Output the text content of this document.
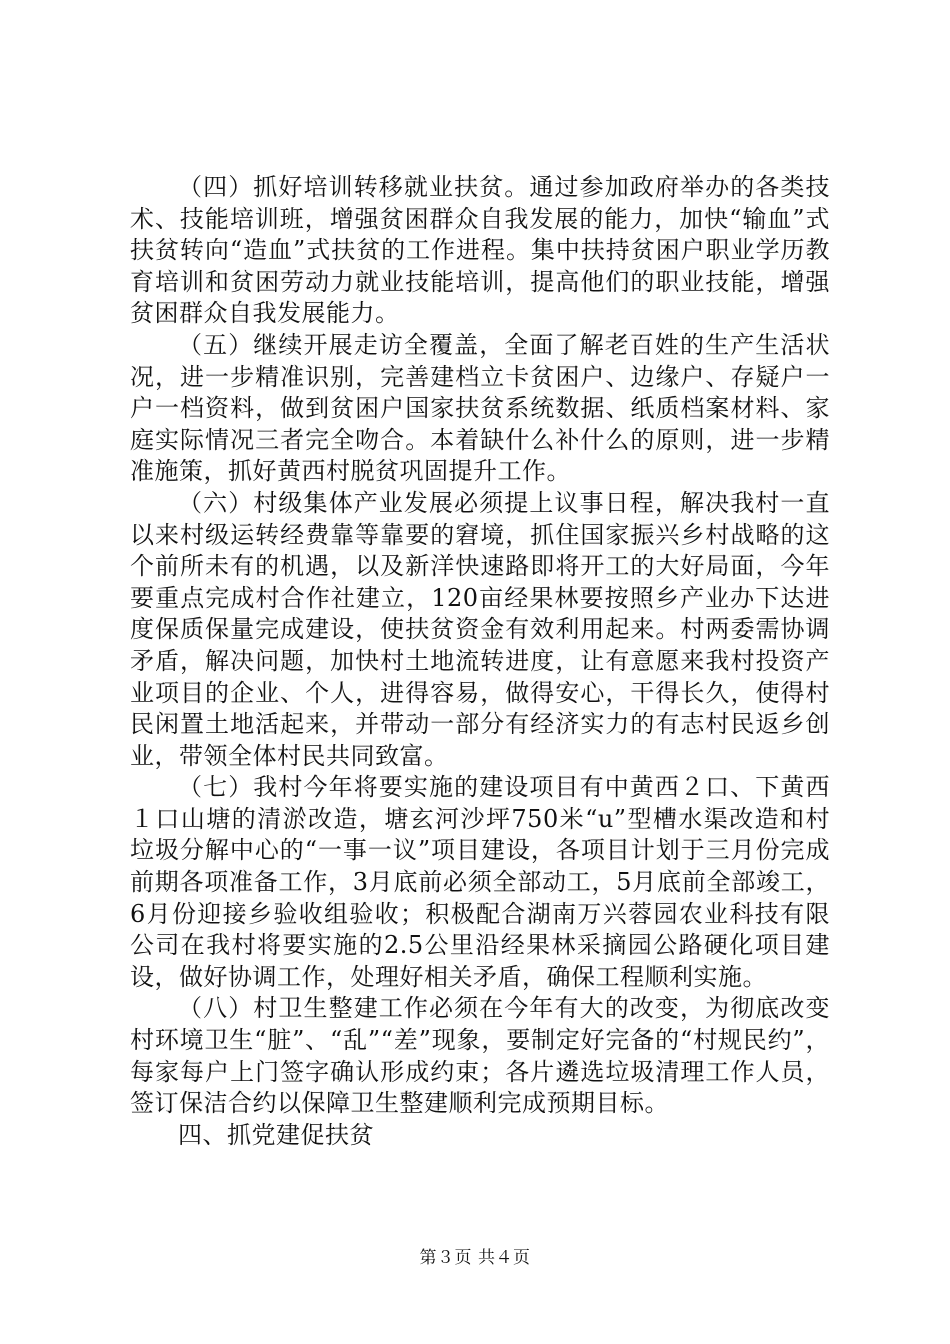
（四）抓好培训转移就业扶贫。通过参加政府举办的各类技术、技能培训班，增强贫困群众自我发展的能力，加快“输血”式扶贫转向“造血”式扶贫的工作进程。集中扶持贫困户职业学历教育培训和贫困劳动力就业技能培训，提高他们的职业技能，增强贫困群众自我发展能力。

（五）继续开展走访全覆盖，全面了解老百姓的生产生活状况，进一步精准识别，完善建档立卡贫困户、边缘户、存疑户一户一档资料，做到贫困户国家扶贫系统数据、纸质档案材料、家庭实际情况三者完全吻合。本着缺什么补什么的原则，进一步精准施策，抓好黄西村脱贫巩固提升工作。

（六）村级集体产业发展必须提上议事日程，解决我村一直以来村级运转经费靠等靠要的窘境，抓住国家振兴乡村战略的这个前所未有的机遇，以及新洋快速路即将开工的大好局面，今年要重点完成村合作社建立，120亩经果林要按照乡产业办下达进度保质保量完成建设，使扶贫资金有效利用起来。村两委需协调矛盾，解决问题，加快村土地流转进度，让有意愿来我村投资产业项目的企业、个人，进得容易，做得安心，干得长久，使得村民闲置土地活起来，并带动一部分有经济实力的有志村民返乡创业，带领全体村民共同致富。

（七）我村今年将要实施的建设项目有中黄西２口、下黄西１口山塘的清淤改造，塘玄河沙坪750米“u”型槽水渠改造和村垃圾分解中心的“一事一议”项目建设，各项目计划于三月份完成前期各项准备工作，3月底前必须全部动工，5月底前全部竣工，6月份迎接乡验收组验收；积极配合湖南万兴蓉园农业科技有限公司在我村将要实施的2.5公里沿经果林采摘园公路硬化项目建设，做好协调工作，处理好相关矛盾，确保工程顺利实施。

（八）村卫生整建工作必须在今年有大的改变，为彻底改变村环境卫生“脏”、“乱”“差”现象，要制定好完备的“村规民约”，每家每户上门签字确认形成约束；各片遴选垃圾清理工作人员，签订保洁合约以保障卫生整建顺利完成预期目标。

四、抓党建促扶贫

第３页 共４页
